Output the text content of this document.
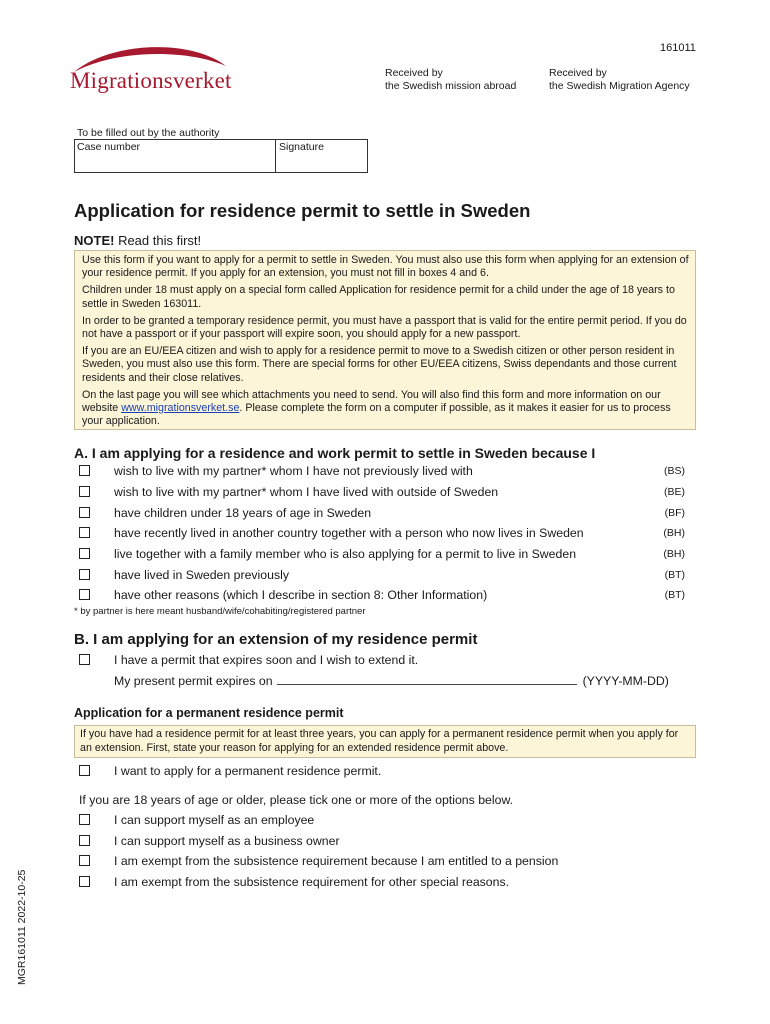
161011
Migrationsverket	Received by
the Swedish mission abroad
Received by
the Swedish Migration Agency
To be filled out by the authority
Case number	Signature
Application for residence permit to settle in Sweden
NOTE! Read this first!

Use this form if you want to apply for a permit to settle in Sweden. You must also use this form when applying for an extension of your residence permit. If you apply for an extension, you must not fill in boxes 4 and 6.

Children under 18 must apply on a special form called Application for residence permit for a child under the age of 18 years to settle in Sweden 163011.

In order to be granted a temporary residence permit, you must have a passport that is valid for the entire permit period. If you do not have a passport or if your passport will expire soon, you should apply for a new passport.

If you are an EU/EEA citizen and wish to apply for a residence permit to move to a Swedish citizen or other person resident in Sweden, you must also use this form. There are special forms for other EU/EEA citizens, Swiss dependants and those current residents and their close relatives.

On the last page you will see which attachments you need to send. You will also find this form and more information on our website www.migrationsverket.se. Please complete the form on a computer if possible, as it makes it easier for us to process your application.

A. I am applying for a residence and work permit to settle in Sweden because I
wish to live with my partner* whom I have not previously lived with	(BS)
wish to live with my partner* whom I have lived with outside of Sweden	(BE)
have children under 18 years of age in Sweden	(BF)
have recently lived in another country together with a person who now lives in Sweden	(BH)
live together with a family member who is also applying for a permit to live in Sweden	(BH)
have lived in Sweden previously	(BT)
have other reasons (which I describe in section 8: Other Information)	(BT)
* by partner is here meant husband/wife/cohabiting/registered partner
B. I am applying for an extension of my residence permit
I have a permit that expires soon and I wish to extend it.
My present permit expires on	(YYYY-MM-DD)
Application for a permanent residence permit
If you have had a residence permit for at least three years, you can apply for a permanent residence permit when you apply for an extension. First, state your reason for applying for an extended residence permit above.
I want to apply for a permanent residence permit.
If you are 18 years of age or older, please tick one or more of the options below.
I can support myself as an employee
I can support myself as a business owner
I am exempt from the subsistence requirement because I am entitled to a pension
I am exempt from the subsistence requirement for other special reasons.
MGR161011 2022-10-25
